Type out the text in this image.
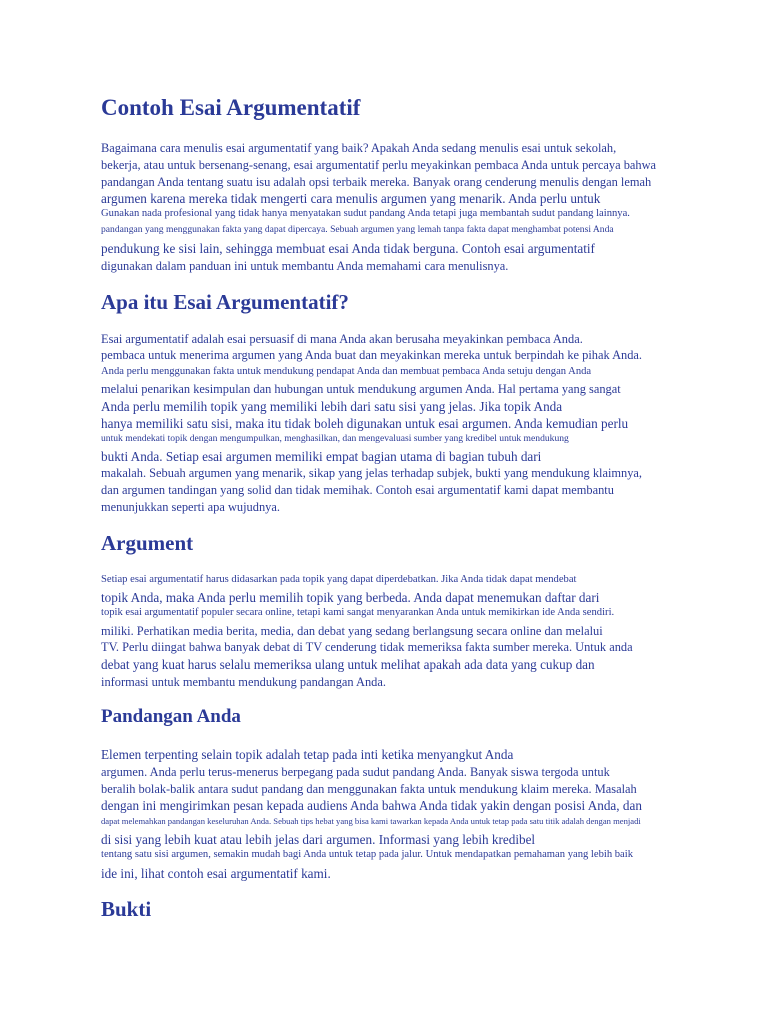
Contoh Esai Argumentatif

Bagaimana cara menulis esai argumentatif yang baik? Apakah Anda sedang menulis esai untuk sekolah,

bekerja, atau untuk bersenang-senang, esai argumentatif perlu meyakinkan pembaca Anda untuk percaya bahwa

pandangan Anda tentang suatu isu adalah opsi terbaik mereka. Banyak orang cenderung menulis dengan lemah

argumen karena mereka tidak mengerti cara menulis argumen yang menarik. Anda perlu untuk

Gunakan nada profesional yang tidak hanya menyatakan sudut pandang Anda tetapi juga membantah sudut pandang lainnya.

pandangan yang menggunakan fakta yang dapat dipercaya. Sebuah argumen yang lemah tanpa fakta dapat menghambat potensi Anda

pendukung ke sisi lain, sehingga membuat esai Anda tidak berguna. Contoh esai argumentatif

digunakan dalam panduan ini untuk membantu Anda memahami cara menulisnya.

Apa itu Esai Argumentatif?

Esai argumentatif adalah esai persuasif di mana Anda akan berusaha meyakinkan pembaca Anda.

pembaca untuk menerima argumen yang Anda buat dan meyakinkan mereka untuk berpindah ke pihak Anda.

Anda perlu menggunakan fakta untuk mendukung pendapat Anda dan membuat pembaca Anda setuju dengan Anda

melalui penarikan kesimpulan dan hubungan untuk mendukung argumen Anda. Hal pertama yang sangat

Anda perlu memilih topik yang memiliki lebih dari satu sisi yang jelas. Jika topik Anda

hanya memiliki satu sisi, maka itu tidak boleh digunakan untuk esai argumen. Anda kemudian perlu

untuk mendekati topik dengan mengumpulkan, menghasilkan, dan mengevaluasi sumber yang kredibel untuk mendukung

bukti Anda. Setiap esai argumen memiliki empat bagian utama di bagian tubuh dari

makalah. Sebuah argumen yang menarik, sikap yang jelas terhadap subjek, bukti yang mendukung klaimnya,

dan argumen tandingan yang solid dan tidak memihak. Contoh esai argumentatif kami dapat membantu

menunjukkan seperti apa wujudnya.

Argument

Setiap esai argumentatif harus didasarkan pada topik yang dapat diperdebatkan. Jika Anda tidak dapat mendebat

topik Anda, maka Anda perlu memilih topik yang berbeda. Anda dapat menemukan daftar dari

topik esai argumentatif populer secara online, tetapi kami sangat menyarankan Anda untuk memikirkan ide Anda sendiri.

miliki. Perhatikan media berita, media, dan debat yang sedang berlangsung secara online dan melalui

TV. Perlu diingat bahwa banyak debat di TV cenderung tidak memeriksa fakta sumber mereka. Untuk anda

debat yang kuat harus selalu memeriksa ulang untuk melihat apakah ada data yang cukup dan

informasi untuk membantu mendukung pandangan Anda.

Pandangan Anda

Elemen terpenting selain topik adalah tetap pada inti ketika menyangkut Anda

argumen. Anda perlu terus-menerus berpegang pada sudut pandang Anda. Banyak siswa tergoda untuk

beralih bolak-balik antara sudut pandang dan menggunakan fakta untuk mendukung klaim mereka. Masalah

dengan ini mengirimkan pesan kepada audiens Anda bahwa Anda tidak yakin dengan posisi Anda, dan

dapat melemahkan pandangan keseluruhan Anda. Sebuah tips hebat yang bisa kami tawarkan kepada Anda untuk tetap pada satu titik adalah dengan menjadi

di sisi yang lebih kuat atau lebih jelas dari argumen. Informasi yang lebih kredibel

tentang satu sisi argumen, semakin mudah bagi Anda untuk tetap pada jalur. Untuk mendapatkan pemahaman yang lebih baik

ide ini, lihat contoh esai argumentatif kami.

Bukti
